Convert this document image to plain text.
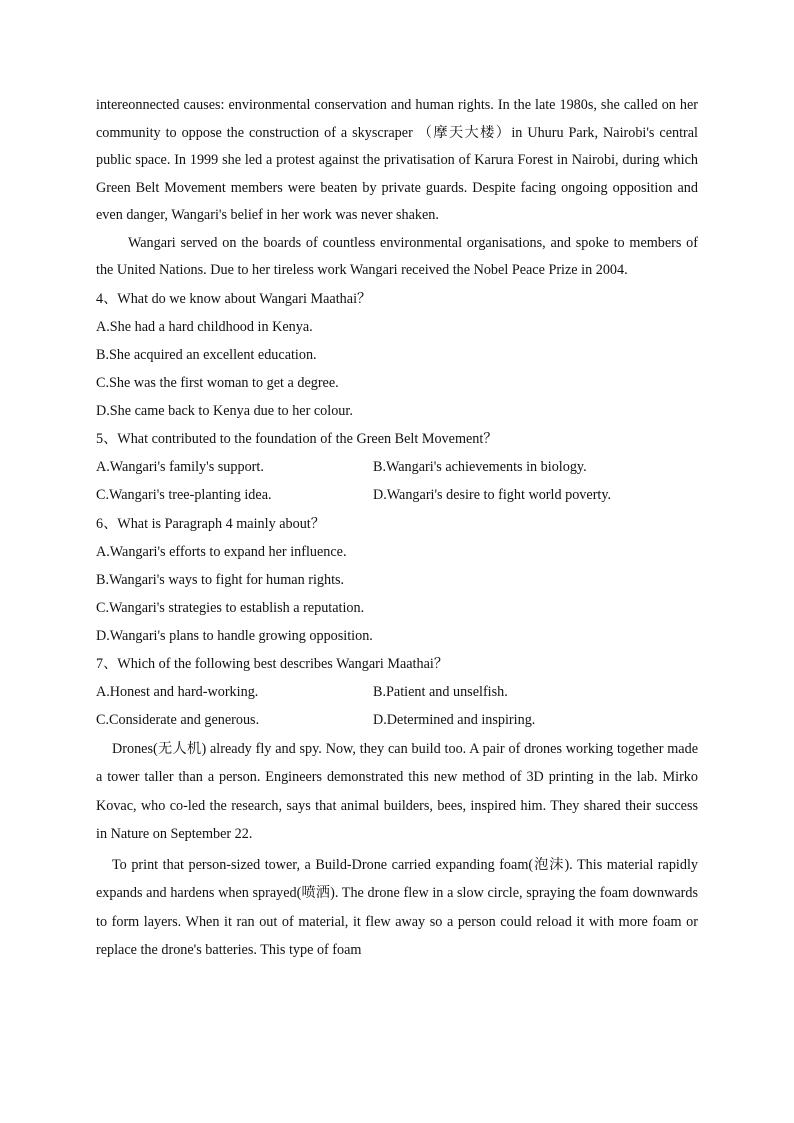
intereonnected causes: environmental conservation and human rights. In the late 1980s, she called on her community to oppose the construction of a skyscraper （摩天大楼）in Uhuru Park, Nairobi's central public space. In 1999 she led a protest against the privatisation of Karura Forest in Nairobi, during which Green Belt Movement members were beaten by private guards. Despite facing ongoing opposition and even danger, Wangari's belief in her work was never shaken.

Wangari served on the boards of countless environmental organisations, and spoke to members of the United Nations. Due to her tireless work Wangari received the Nobel Peace Prize in 2004.

4、What do we know about Wangari Maathai？

A.She had a hard childhood in Kenya.
B.She acquired an excellent education.
C.She was the first woman to get a degree.
D.She came back to Kenya due to her colour.

5、What contributed to the foundation of the Green Belt Movement？

A.Wangari's family's support.	B.Wangari's achievements in biology.
C.Wangari's tree-planting idea.	D.Wangari's desire to fight world poverty.

6、What is Paragraph 4 mainly about？

A.Wangari's efforts to expand her influence.
B.Wangari's ways to fight for human rights.
C.Wangari's strategies to establish a reputation.
D.Wangari's plans to handle growing opposition.

7、Which of the following best describes Wangari Maathai？

A.Honest and hard-working.	B.Patient and unselfish.
C.Considerate and generous.	D.Determined and inspiring.

Drones(无人机) already fly and spy. Now, they can build too. A pair of drones working together made a tower taller than a person. Engineers demonstrated this new method of 3D printing in the lab. Mirko Kovac, who co-led the research, says that animal builders, bees, inspired him. They shared their success in Nature on September 22.

To print that person-sized tower, a Build-Drone carried expanding foam(泡沫). This material rapidly expands and hardens when sprayed(喷洒). The drone flew in a slow circle, spraying the foam downwards to form layers. When it ran out of material, it flew away so a person could reload it with more foam or replace the drone's batteries. This type of foam
